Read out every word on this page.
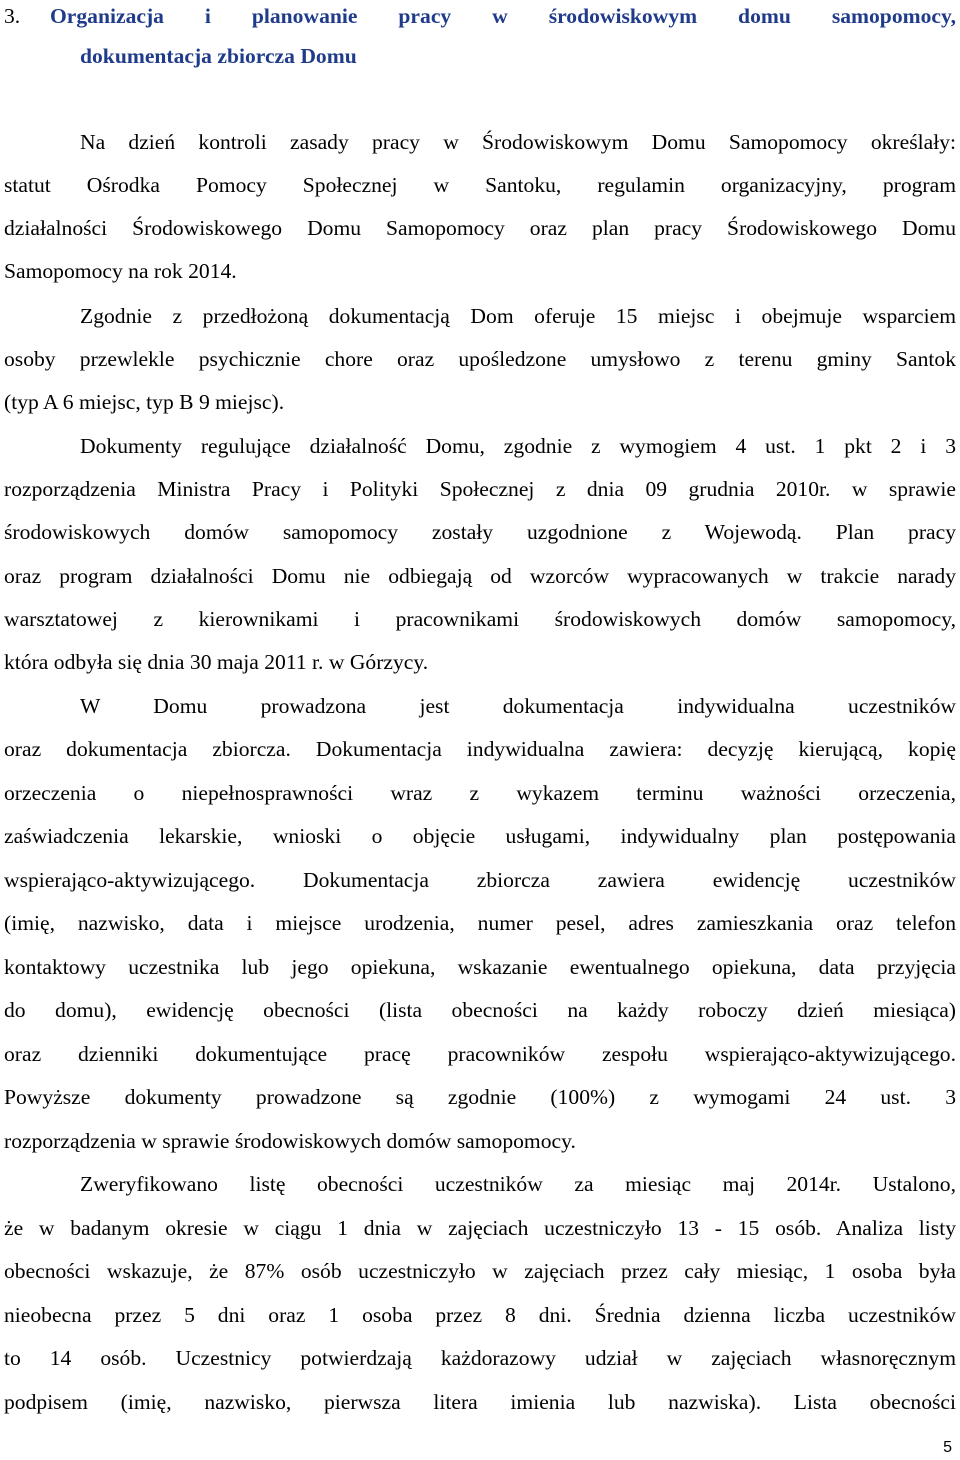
3. Organizacja i planowanie pracy w środowiskowym domu samopomocy,
dokumentacja zbiorcza Domu
Na dzień kontroli zasady pracy w Środowiskowym Domu Samopomocy określały:
statut Ośrodka Pomocy Społecznej w Santoku, regulamin organizacyjny, program
działalności Środowiskowego Domu Samopomocy oraz plan pracy Środowiskowego Domu
Samopomocy na rok 2014.
Zgodnie z przedłożoną dokumentacją Dom oferuje 15 miejsc i obejmuje wsparciem
osoby przewlekle psychicznie chore oraz upośledzone umysłowo z terenu gminy Santok
(typ A 6 miejsc, typ B 9 miejsc).
Dokumenty regulujące działalność Domu, zgodnie z wymogiem 4 ust. 1 pkt 2 i 3
rozporządzenia Ministra Pracy i Polityki Społecznej z dnia 09 grudnia 2010r. w sprawie
środowiskowych domów samopomocy zostały uzgodnione z Wojewodą. Plan pracy
oraz program działalności Domu nie odbiegają od wzorców wypracowanych w trakcie narady
warsztatowej z kierownikami i pracownikami środowiskowych domów samopomocy,
która odbyła się dnia 30 maja 2011 r. w Górzycy.
W Domu prowadzona jest dokumentacja indywidualna uczestników
oraz dokumentacja zbiorcza. Dokumentacja indywidualna zawiera: decyzję kierującą, kopię
orzeczenia o niepełnosprawności wraz z wykazem terminu ważności orzeczenia,
zaświadczenia lekarskie, wnioski o objęcie usługami, indywidualny plan postępowania
wspierająco-aktywizującego. Dokumentacja zbiorcza zawiera ewidencję uczestników
(imię, nazwisko, data i miejsce urodzenia, numer pesel, adres zamieszkania oraz telefon
kontaktowy uczestnika lub jego opiekuna, wskazanie ewentualnego opiekuna, data przyjęcia
do domu), ewidencję obecności (lista obecności na każdy roboczy dzień miesiąca)
oraz dzienniki dokumentujące pracę pracowników zespołu wspierająco-aktywizującego.
Powyższe dokumenty prowadzone są zgodnie (100%) z wymogami 24 ust. 3
rozporządzenia w sprawie środowiskowych domów samopomocy.
Zweryfikowano listę obecności uczestników za miesiąc maj 2014r. Ustalono,
że w badanym okresie w ciągu 1 dnia w zajęciach uczestniczyło 13 - 15 osób. Analiza listy
obecności wskazuje, że 87% osób uczestniczyło w zajęciach przez cały miesiąc, 1 osoba była
nieobecna przez 5 dni oraz 1 osoba przez 8 dni. Średnia dzienna liczba uczestników
to 14 osób. Uczestnicy potwierdzają każdorazowy udział w zajęciach własnoręcznym
podpisem (imię, nazwisko, pierwsza litera imienia lub nazwiska). Lista obecności
5
